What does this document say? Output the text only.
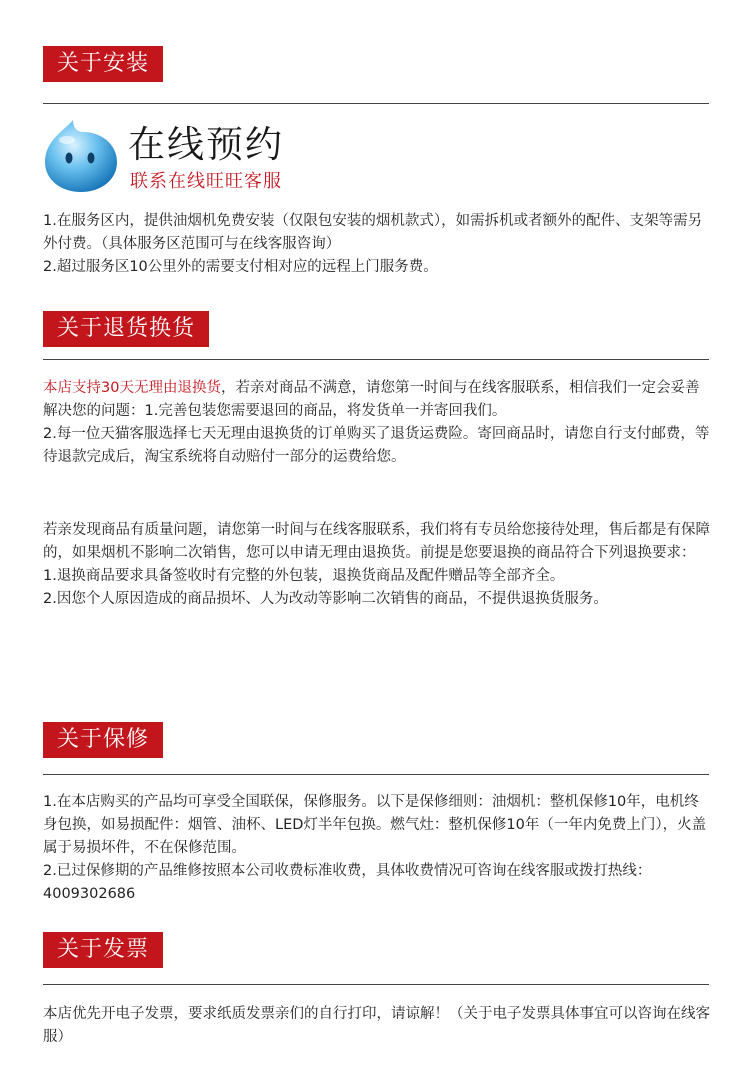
关于安装
在线预约
联系在线旺旺客服

1.在服务区内，提供油烟机免费安装（仅限包安装的烟机款式），如需拆机或者额外的配件、支架等需另外付费。（具体服务区范围可与在线客服咨询）

2.超过服务区10公里外的需要支付相对应的远程上门服务费。

关于退货换货

本店支持30天无理由退换货，若亲对商品不满意，请您第一时间与在线客服联系，相信我们一定会妥善解决您的问题：1.完善包装您需要退回的商品，将发货单一并寄回我们。

2.每一位天猫客服选择七天无理由退换货的订单购买了退货运费险。寄回商品时，请您自行支付邮费，等待退款完成后，淘宝系统将自动赔付一部分的运费给您。

若亲发现商品有质量问题，请您第一时间与在线客服联系，我们将有专员给您接待处理，售后都是有保障的，如果烟机不影响二次销售，您可以申请无理由退换货。前提是您要退换的商品符合下列退换要求：

1.退换商品要求具备签收时有完整的外包装，退换货商品及配件赠品等全部齐全。

2.因您个人原因造成的商品损坏、人为改动等影响二次销售的商品，不提供退换货服务。

关于保修

1.在本店购买的产品均可享受全国联保，保修服务。以下是保修细则：油烟机：整机保修10年，电机终身包换，如易损配件：烟管、油杯、LED灯半年包换。燃气灶：整机保修10年（一年内免费上门），火盖属于易损坏件，不在保修范围。

2.已过保修期的产品维修按照本公司收费标准收费，具体收费情况可咨询在线客服或拨打热线：4009302686

关于发票

本店优先开电子发票，要求纸质发票亲们的自行打印，请谅解！（关于电子发票具体事宜可以咨询在线客服）
